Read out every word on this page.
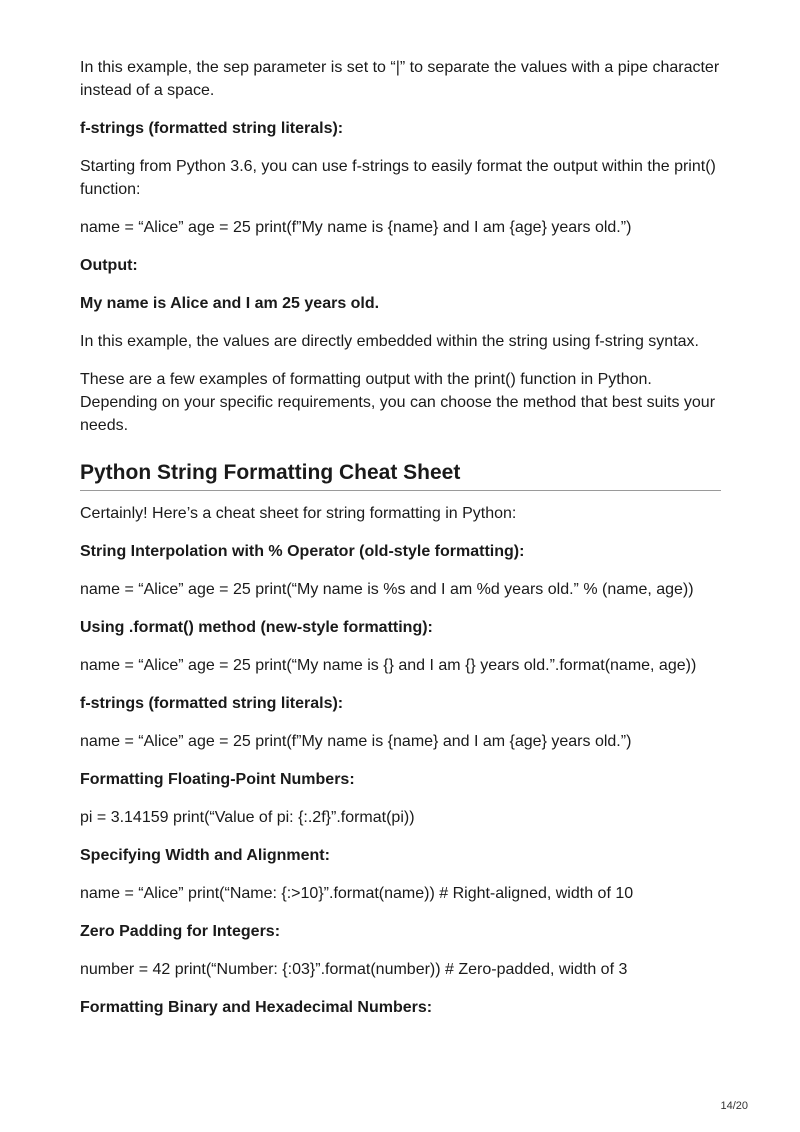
In this example, the sep parameter is set to “|” to separate the values with a pipe character instead of a space.

f-strings (formatted string literals):

Starting from Python 3.6, you can use f-strings to easily format the output within the print() function:

name = “Alice” age = 25 print(f”My name is {name} and I am {age} years old.”)

Output:

My name is Alice and I am 25 years old.

In this example, the values are directly embedded within the string using f-string syntax.

These are a few examples of formatting output with the print() function in Python. Depending on your specific requirements, you can choose the method that best suits your needs.

Python String Formatting Cheat Sheet

Certainly! Here’s a cheat sheet for string formatting in Python:

String Interpolation with % Operator (old-style formatting):

name = “Alice” age = 25 print(“My name is %s and I am %d years old.” % (name, age))

Using .format() method (new-style formatting):

name = “Alice” age = 25 print(“My name is {} and I am {} years old.”.format(name, age))

f-strings (formatted string literals):

name = “Alice” age = 25 print(f”My name is {name} and I am {age} years old.”)

Formatting Floating-Point Numbers:

pi = 3.14159 print(“Value of pi: {:.2f}”.format(pi))

Specifying Width and Alignment:

name = “Alice” print(“Name: {:>10}”.format(name)) # Right-aligned, width of 10

Zero Padding for Integers:

number = 42 print(“Number: {:03}”.format(number)) # Zero-padded, width of 3

Formatting Binary and Hexadecimal Numbers:

14/20
